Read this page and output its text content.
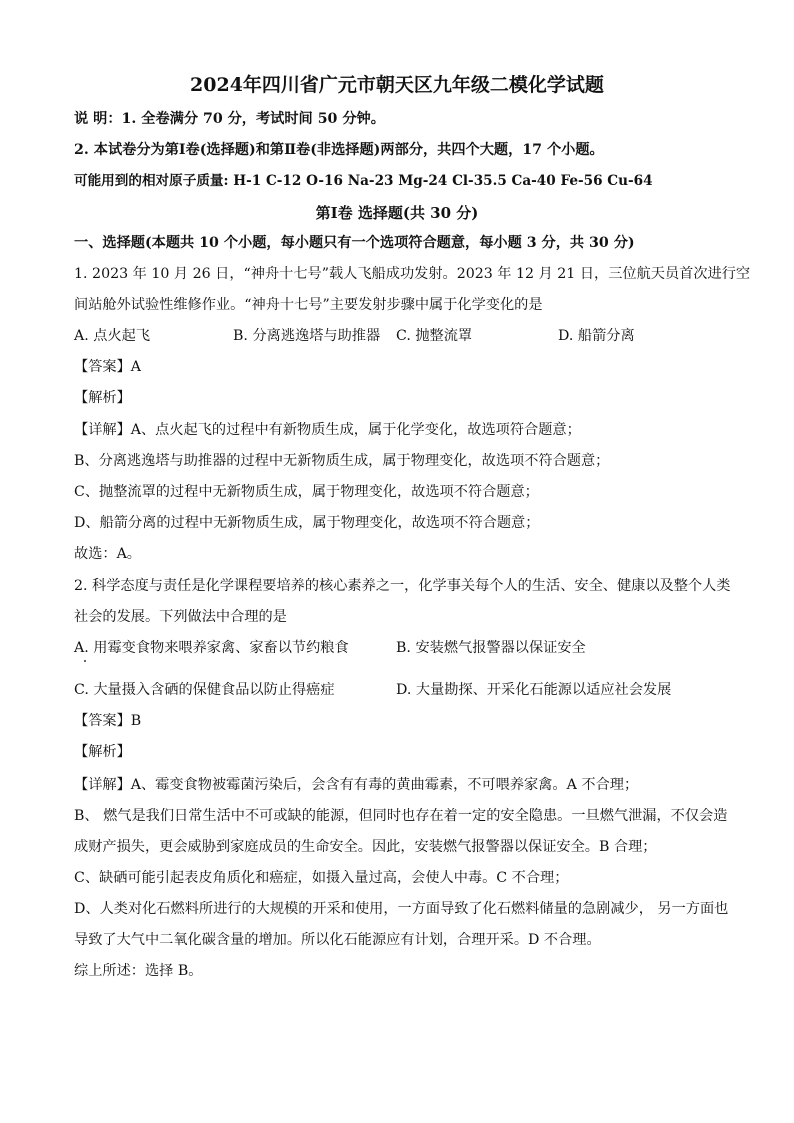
2024年四川省广元市朝天区九年级二模化学试题
说 明：1. 全卷满分 70 分，考试时间 50 分钟。
2. 本试卷分为第Ⅰ卷(选择题)和第Ⅱ卷(非选择题)两部分，共四个大题，17 个小题。
可能用到的相对原子质量: H-1 C-12 O-16 Na-23 Mg-24 Cl-35.5 Ca-40 Fe-56 Cu-64
第Ⅰ卷 选择题(共 30 分)
一、选择题(本题共 10 个小题，每小题只有一个选项符合题意，每小题 3 分，共 30 分)
1. 2023 年 10 月 26 日，“神舟十七号”载人飞船成功发射。2023 年 12 月 21 日，三位航天员首次进行空
间站舱外试验性维修作业。“神舟十七号”主要发射步骤中属于化学变化的是
A. 点火起飞	B. 分离逃逸塔与助推器 C. 抛整流罩	D. 船箭分离
【答案】A
【解析】
【详解】A、点火起飞的过程中有新物质生成，属于化学变化，故选项符合题意；
B、分离逃逸塔与助推器的过程中无新物质生成，属于物理变化，故选项不符合题意；
C、抛整流罩的过程中无新物质生成，属于物理变化，故选项不符合题意；
D、船箭分离的过程中无新物质生成，属于物理变化，故选项不符合题意；
故选：A。
2. 科学态度与责任是化学课程要培养的核心素养之一，化学事关每个人的生活、安全、健康以及整个人类
社会的发展。下列做法中合理的是
A. 用霉变食物来喂养家禽、家畜以节约粮食	B. 安装燃气报警器以保证安全
C. 大量摄入含硒的保健食品以防止得癌症	D. 大量勘探、开采化石能源以适应社会发展
【答案】B
【解析】
【详解】A、霉变食物被霉菌污染后，会含有有毒的黄曲霉素，不可喂养家禽。A 不合理；
B、 燃气是我们日常生活中不可或缺的能源，但同时也存在着一定的安全隐患。一旦燃气泄漏，不仅会造
成财产损失，更会威胁到家庭成员的生命安全。因此，安装燃气报警器以保证安全。B 合理；
C、缺硒可能引起表皮角质化和癌症，如摄入量过高，会使人中毒。C 不合理；
D、人类对化石燃料所进行的大规模的开采和使用，一方面导致了化石燃料储量的急剧减少， 另一方面也
导致了大气中二氧化碳含量的增加。所以化石能源应有计划，合理开采。D 不合理。
综上所述：选择 B。
